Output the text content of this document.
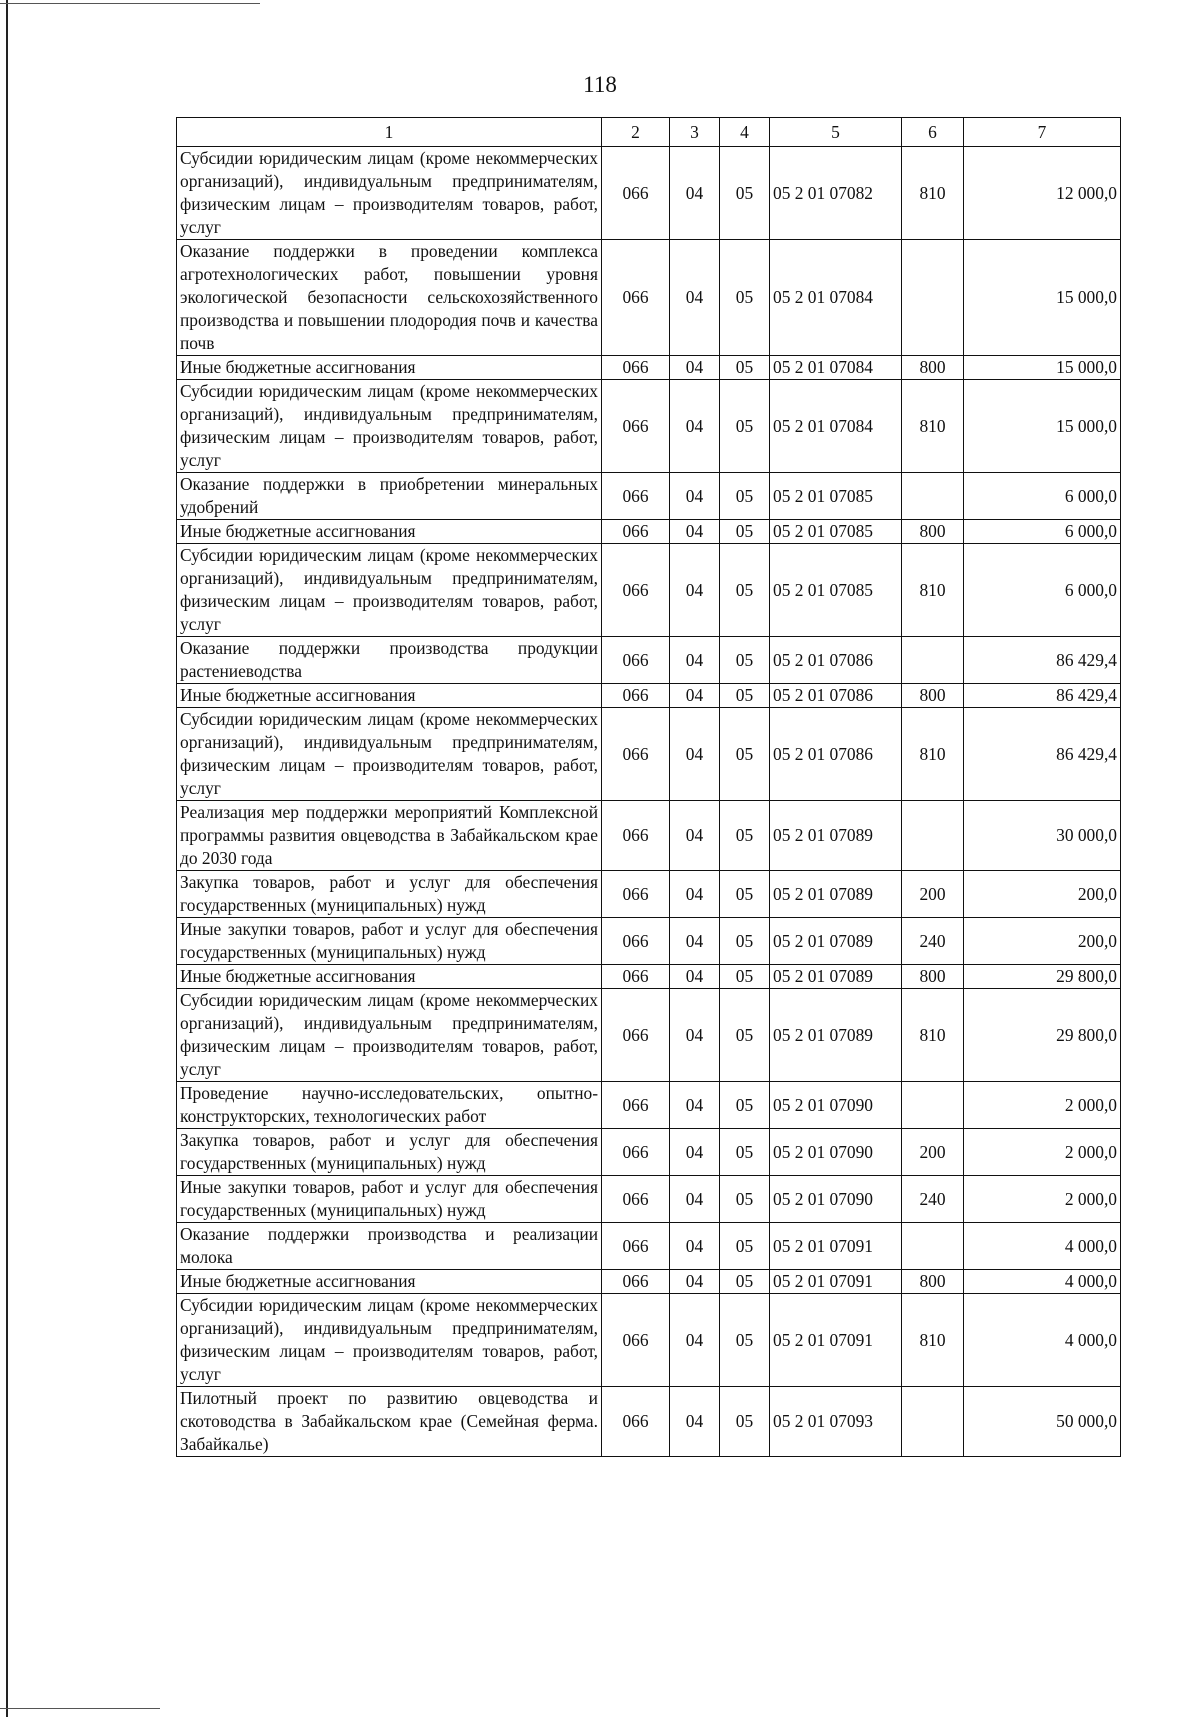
118
1	2	3	4	5	6	7
Субсидии юридическим лицам (кроме некоммерческих организаций), индивидуальным предпринимателям, физическим лицам – производителям товаров, работ, услуг	066	04	05	05 2 01 07082	810	12 000,0
Оказание поддержки в проведении комплекса агротехнологических работ, повышении уровня экологической безопасности сельскохозяйственного производства и повышении плодородия почв и качества почв	066	04	05	05 2 01 07084		15 000,0
Иные бюджетные ассигнования	066	04	05	05 2 01 07084	800	15 000,0
Субсидии юридическим лицам (кроме некоммерческих организаций), индивидуальным предпринимателям, физическим лицам – производителям товаров, работ, услуг	066	04	05	05 2 01 07084	810	15 000,0
Оказание поддержки в приобретении минеральных удобрений	066	04	05	05 2 01 07085		6 000,0
Иные бюджетные ассигнования	066	04	05	05 2 01 07085	800	6 000,0
Субсидии юридическим лицам (кроме некоммерческих организаций), индивидуальным предпринимателям, физическим лицам – производителям товаров, работ, услуг	066	04	05	05 2 01 07085	810	6 000,0
Оказание поддержки производства продукции растениеводства	066	04	05	05 2 01 07086		86 429,4
Иные бюджетные ассигнования	066	04	05	05 2 01 07086	800	86 429,4
Субсидии юридическим лицам (кроме некоммерческих организаций), индивидуальным предпринимателям, физическим лицам – производителям товаров, работ, услуг	066	04	05	05 2 01 07086	810	86 429,4
Реализация мер поддержки мероприятий Комплексной программы развития овцеводства в Забайкальском крае до 2030 года	066	04	05	05 2 01 07089		30 000,0
Закупка товаров, работ и услуг для обеспечения государственных (муниципальных) нужд	066	04	05	05 2 01 07089	200	200,0
Иные закупки товаров, работ и услуг для обеспечения государственных (муниципальных) нужд	066	04	05	05 2 01 07089	240	200,0
Иные бюджетные ассигнования	066	04	05	05 2 01 07089	800	29 800,0
Субсидии юридическим лицам (кроме некоммерческих организаций), индивидуальным предпринимателям, физическим лицам – производителям товаров, работ, услуг	066	04	05	05 2 01 07089	810	29 800,0
Проведение научно-исследовательских, опытно-конструкторских, технологических работ	066	04	05	05 2 01 07090		2 000,0
Закупка товаров, работ и услуг для обеспечения государственных (муниципальных) нужд	066	04	05	05 2 01 07090	200	2 000,0
Иные закупки товаров, работ и услуг для обеспечения государственных (муниципальных) нужд	066	04	05	05 2 01 07090	240	2 000,0
Оказание поддержки производства и реализации молока	066	04	05	05 2 01 07091		4 000,0
Иные бюджетные ассигнования	066	04	05	05 2 01 07091	800	4 000,0
Субсидии юридическим лицам (кроме некоммерческих организаций), индивидуальным предпринимателям, физическим лицам – производителям товаров, работ, услуг	066	04	05	05 2 01 07091	810	4 000,0
Пилотный проект по развитию овцеводства и скотоводства в Забайкальском крае (Семейная ферма. Забайкалье)	066	04	05	05 2 01 07093		50 000,0
